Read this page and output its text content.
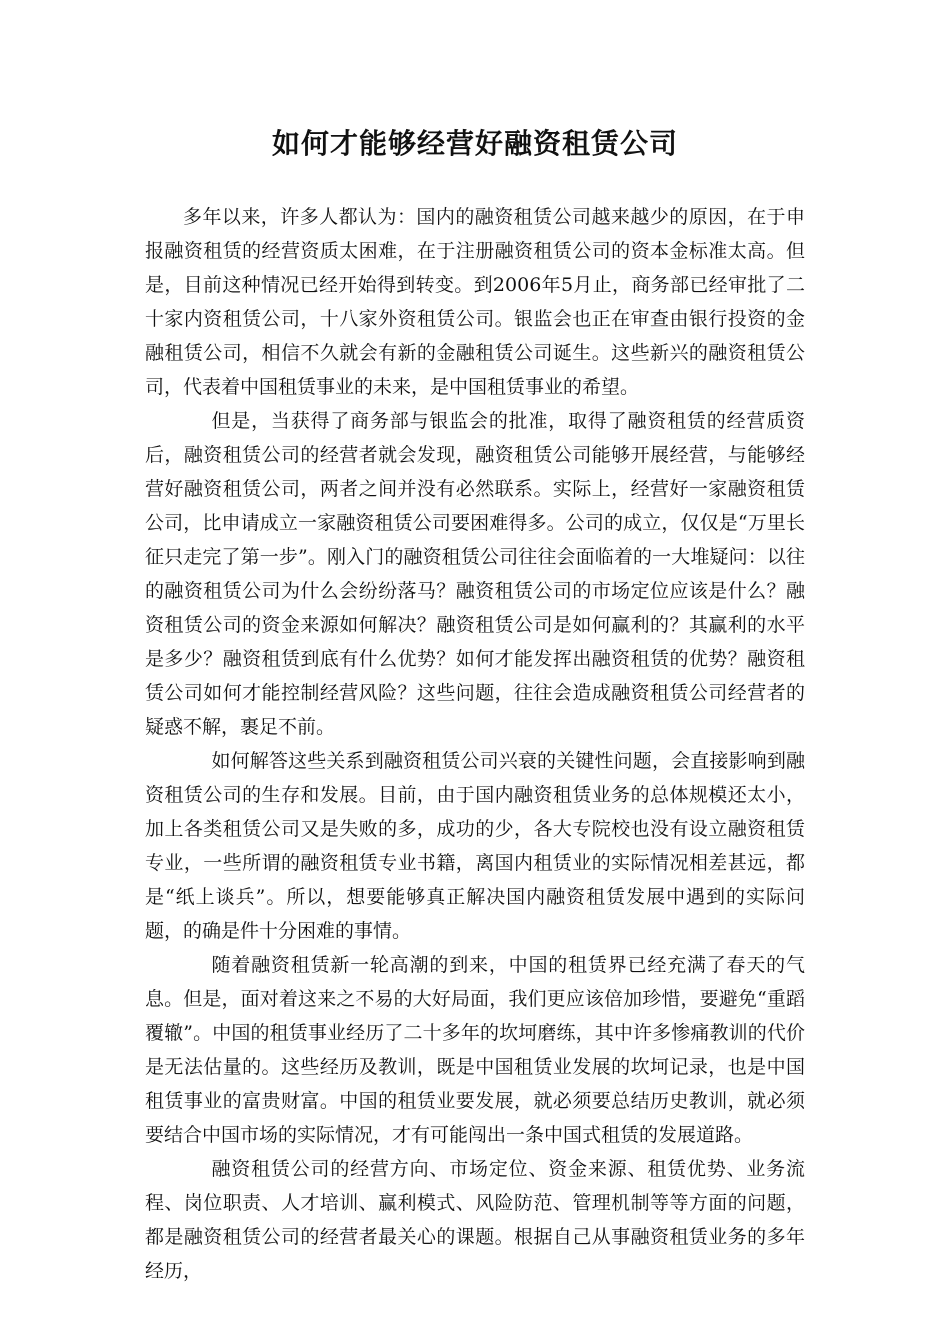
如何才能够经营好融资租赁公司

多年以来，许多人都认为：国内的融资租赁公司越来越少的原因，在于申报融资租赁的经营资质太困难，在于注册融资租赁公司的资本金标准太高。但是，目前这种情况已经开始得到转变。到2006年5月止，商务部已经审批了二十家内资租赁公司，十八家外资租赁公司。银监会也正在审查由银行投资的金融租赁公司，相信不久就会有新的金融租赁公司诞生。这些新兴的融资租赁公司，代表着中国租赁事业的未来，是中国租赁事业的希望。

但是，当获得了商务部与银监会的批准，取得了融资租赁的经营质资后，融资租赁公司的经营者就会发现，融资租赁公司能够开展经营，与能够经营好融资租赁公司，两者之间并没有必然联系。实际上，经营好一家融资租赁公司，比申请成立一家融资租赁公司要困难得多。公司的成立，仅仅是“万里长征只走完了第一步”。刚入门的融资租赁公司往往会面临着的一大堆疑问：以往的融资租赁公司为什么会纷纷落马？融资租赁公司的市场定位应该是什么？融资租赁公司的资金来源如何解决？融资租赁公司是如何赢利的？其赢利的水平是多少？融资租赁到底有什么优势？如何才能发挥出融资租赁的优势？融资租赁公司如何才能控制经营风险？这些问题，往往会造成融资租赁公司经营者的疑惑不解，裹足不前。

如何解答这些关系到融资租赁公司兴衰的关键性问题，会直接影响到融资租赁公司的生存和发展。目前，由于国内融资租赁业务的总体规模还太小，加上各类租赁公司又是失败的多，成功的少，各大专院校也没有设立融资租赁专业，一些所谓的融资租赁专业书籍，离国内租赁业的实际情况相差甚远，都是“纸上谈兵”。所以，想要能够真正解决国内融资租赁发展中遇到的实际问题，的确是件十分困难的事情。

随着融资租赁新一轮高潮的到来，中国的租赁界已经充满了春天的气息。但是，面对着这来之不易的大好局面，我们更应该倍加珍惜，要避免“重蹈覆辙”。中国的租赁事业经历了二十多年的坎坷磨练，其中许多惨痛教训的代价是无法估量的。这些经历及教训，既是中国租赁业发展的坎坷记录，也是中国租赁事业的富贵财富。中国的租赁业要发展，就必须要总结历史教训，就必须要结合中国市场的实际情况，才有可能闯出一条中国式租赁的发展道路。

融资租赁公司的经营方向、市场定位、资金来源、租赁优势、业务流程、岗位职责、人才培训、赢利模式、风险防范、管理机制等等方面的问题，都是融资租赁公司的经营者最关心的课题。根据自己从事融资租赁业务的多年经历，
